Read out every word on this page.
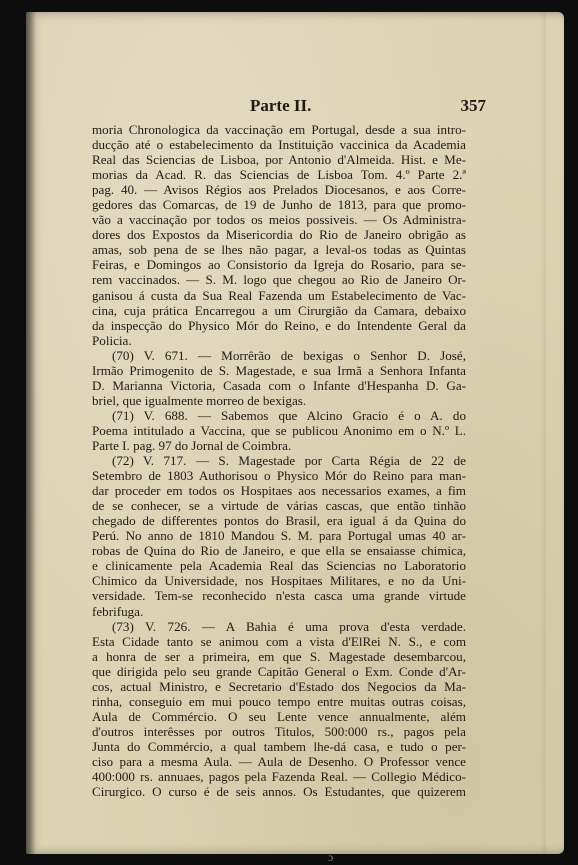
Parte II.	357
moria Chronologica da vaccinação em Portugal, desde a sua intro-
ducção até o estabelecimento da Instituição vaccinica da Academia
Real das Sciencias de Lisboa, por Antonio d'Almeida. Hist. e Me-
morias da Acad. R. das Sciencias de Lisboa Tom. 4.º Parte 2.ª
pag. 40. — Avisos Régios aos Prelados Diocesanos, e aos Corre-
gedores das Comarcas, de 19 de Junho de 1813, para que promo-
vão a vaccinação por todos os meios possiveis. — Os Administra-
dores dos Expostos da Misericordia do Rio de Janeiro obrigão as
amas, sob pena de se lhes não pagar, a leval-os todas as Quintas
Feiras, e Domingos ao Consistorio da Igreja do Rosario, para se-
rem vaccinados. — S. M. logo que chegou ao Rio de Janeiro Or-
ganisou á custa da Sua Real Fazenda um Estabelecimento de Vac-
cina, cuja prática Encarregou a um Cirurgião da Camara, debaixo
da inspecção do Physico Mór do Reino, e do Intendente Geral da
Policia.
(70) V. 671. — Morrêrão de bexigas o Senhor D. José,
Irmão Primogenito de S. Magestade, e sua Irmã a Senhora Infanta
D. Marianna Victoria, Casada com o Infante d'Hespanha D. Ga-
briel, que igualmente morreo de bexigas.
(71) V. 688. — Sabemos que Alcino Gracio é o A. do
Poema intitulado a Vaccina, que se publicou Anonimo em o N.º L.
Parte I. pag. 97 do Jornal de Coimbra.
(72) V. 717. — S. Magestade por Carta Régia de 22 de
Setembro de 1803 Authorisou o Physico Mór do Reino para man-
dar proceder em todos os Hospitaes aos necessarios exames, a fim
de se conhecer, se a virtude de várias cascas, que então tinhão
chegado de differentes pontos do Brasil, era igual á da Quina do
Perú. No anno de 1810 Mandou S. M. para Portugal umas 40 ar-
robas de Quina do Rio de Janeiro, e que ella se ensaiasse chimica,
e clinicamente pela Academia Real das Sciencias no Laboratorio
Chimico da Universidade, nos Hospitaes Militares, e no da Uni-
versidade. Tem-se reconhecido n'esta casca uma grande virtude
febrifuga.
(73) V. 726. — A Bahia é uma prova d'esta verdade.
Esta Cidade tanto se animou com a vista d'ElRei N. S., e com
a honra de ser a primeira, em que S. Magestade desembarcou,
que dirigida pelo seu grande Capitão General o Exm. Conde d'Ar-
cos, actual Ministro, e Secretario d'Estado dos Negocios da Ma-
rinha, conseguio em mui pouco tempo entre muitas outras coisas,
Aula de Commércio. O seu Lente vence annualmente, além
d'outros interêsses por outros Titulos, 500:000 rs., pagos pela
Junta do Commércio, a qual tambem lhe-dá casa, e tudo o per-
ciso para a mesma Aula. — Aula de Desenho. O Professor vence
400:000 rs. annuaes, pagos pela Fazenda Real. — Collegio Médico-
Cirurgico. O curso é de seis annos. Os Estudantes, que quizerem
ɔ
